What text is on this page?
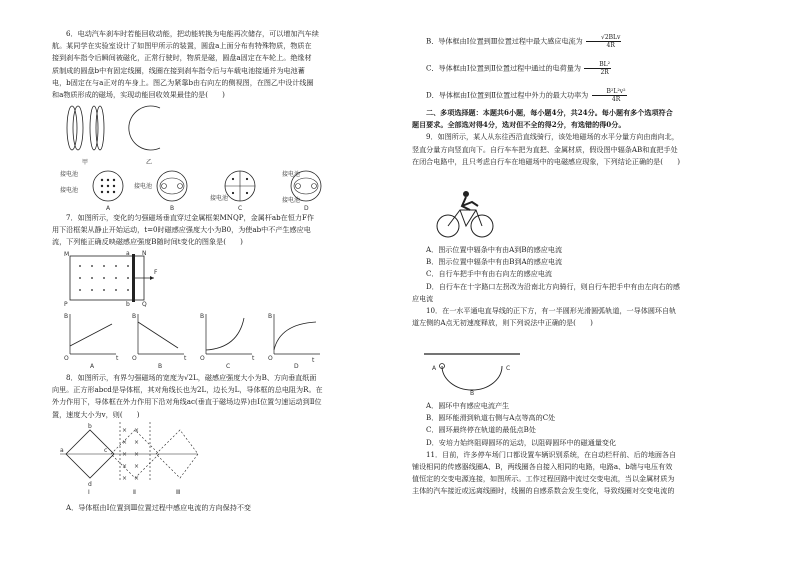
6．电动汽车刹车时若能回收动能，把动能转换为电能再次储存，可以增加汽车续

航。某同学在实验室设计了如图甲所示的装置，圆盘a上面分布有特殊物质，物质在

接到刹车指令后瞬间被磁化，正常行驶时，物质是磁，圆盘a固定在车轮上。绝缘材

质制成的圆盘b中有固定线圈，线圈在接到刹车指令后与车载电池接通并为电池蓄

电，b固定在与a正对的车身上。图乙为紧靠b由右向左的侧视图，在图乙中设计线圈

和a物质形成的磁场，实现动能回收效果最佳的是(　　)

甲	乙
接电池
接电池
A
接电池
B
接电池
C
接电池
接电池
D

7．如图所示，变化的匀强磁场垂直穿过金属框架MNQP，金属杆ab在恒力F作

用下沿框架从静止开始运动，t=0时磁感应强度大小为B0，为使ab中不产生感应电

流，下列能正确反映磁感应强度B随时间t变化的图象是(　　)

M
P
N
Q
a
b
F
B
t
O
A
B
t
O
B
B
t
O
C
B
t
O
D

8．如图所示，有界匀强磁场的宽度为√2L，磁感应强度大小为B、方向垂直纸面

向里。正方形abcd是导体框，其对角线长也为2L，边长为L，导体框的总电阻为R。在

外力作用下，导体框在外力作用下沿对角线ac(垂直于磁场边界)由Ⅰ位置匀速运动到Ⅱ位

置，速度大小为v，则(　　)

× ×
× ×
× ×
× ×
× ×
a
b
c
d
Ⅰ	Ⅱ	Ⅲ

A．导体框由Ⅰ位置到Ⅲ位置过程中感应电流的方向保持不变

B．导体框由Ⅰ位置到Ⅲ位置过程中最大感应电流为 $\frac{\text{√2BLv}}{4R}$

C．导体框由Ⅰ位置到Ⅱ位置过程中通过的电荷量为 $\frac{\text{BL²}}{2R}$

D．导体框由Ⅰ位置到Ⅱ位置过程中外力的最大功率为 $\frac{\text{B²L²v²}}{4R}$

二、多项选择题：本题共6小题，每小题4分，共24分。每小题有多个选项符合

题目要求。全部选对得4分，选对但不全的得2分，有选错的得0分。

9．如图所示，某人从东往西沿直线骑行，该处地磁场的水平分量方向由南向北，

竖直分量方向竖直向下。自行车车把为直把、金属材质，假设图中辐条AB和直把手处

在闭合电路中，且只考虑自行车在地磁场中的电磁感应现象，下列结论正确的是(　　)

A．图示位置中辐条中有由A到B的感应电流

B．图示位置中辐条中有由B到A的感应电流

C．自行车把手中有由右向左的感应电流

D．自行车在十字路口左拐改为沿南北方向骑行，则自行车把手中有由左向右的感

应电流

10．在一水平通电直导线的正下方，有一半圆形光滑圆弧轨道，一导体圆环自轨

道左侧的A点无初速度释放，则下列说法中正确的是(　　)

A	C
B

A．圆环中有感应电流产生

B．圆环能滑到轨道右侧与A点等高的C处

C．圆环最终停在轨道的最低点B处

D．安培力始终阻碍圆环的运动，以阻碍圆环中的磁通量变化

11．目前，许多停车场门口都设置车辆识别系统，在自动栏杆前、后的地面各自

铺设相同的传感器线圈A、B，两线圈各自接入相同的电路，电路a、b端与电压有效

值恒定的交变电源连接，如图所示。工作过程回路中流过交变电流，当以金属材质为

主体的汽车接近或远离线圈时，线圈的自感系数会发生变化，导致线圈对交变电流的
